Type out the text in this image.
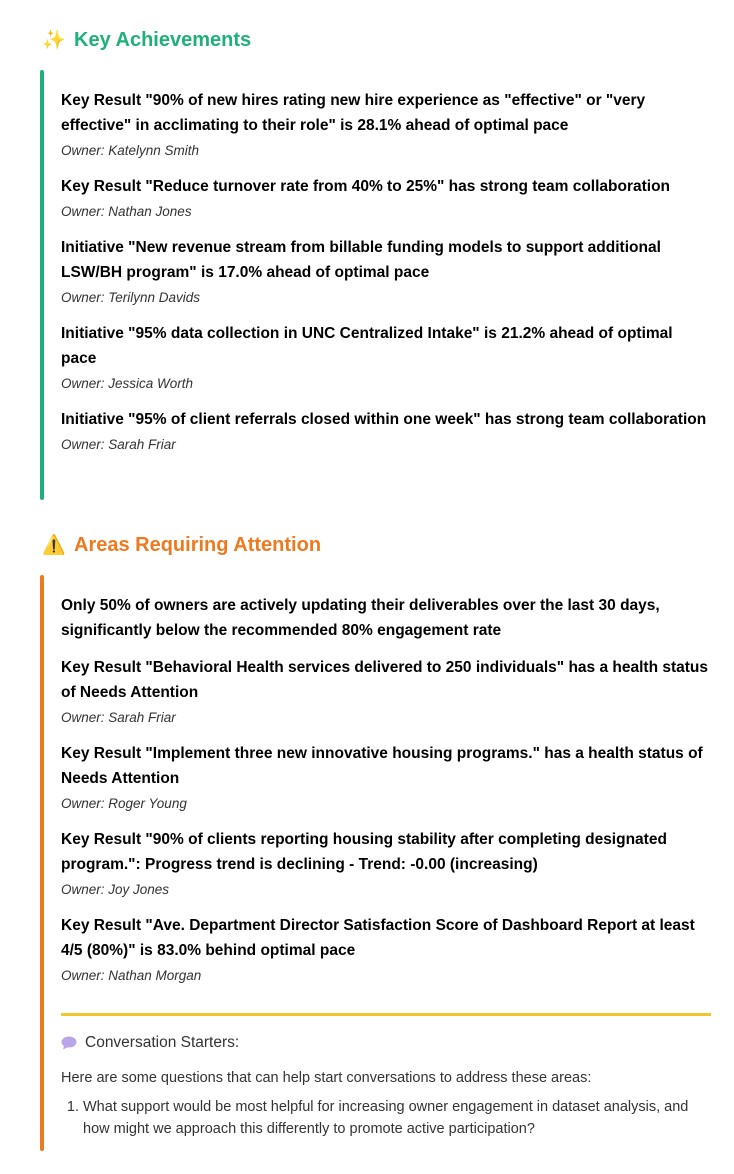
✨ Key Achievements
Key Result "90% of new hires rating new hire experience as "effective" or "very effective" in acclimating to their role" is 28.1% ahead of optimal pace
Owner: Katelynn Smith
Key Result "Reduce turnover rate from 40% to 25%" has strong team collaboration
Owner: Nathan Jones
Initiative "New revenue stream from billable funding models to support additional LSW/BH program" is 17.0% ahead of optimal pace
Owner: Terilynn Davids
Initiative "95% data collection in UNC Centralized Intake" is 21.2% ahead of optimal pace
Owner: Jessica Worth
Initiative "95% of client referrals closed within one week" has strong team collaboration
Owner: Sarah Friar
⚠️ Areas Requiring Attention
Only 50% of owners are actively updating their deliverables over the last 30 days, significantly below the recommended 80% engagement rate
Key Result "Behavioral Health services delivered to 250 individuals" has a health status of Needs Attention
Owner: Sarah Friar
Key Result "Implement three new innovative housing programs." has a health status of Needs Attention
Owner: Roger Young
Key Result "90% of clients reporting housing stability after completing designated program.": Progress trend is declining - Trend: -0.00 (increasing)
Owner: Joy Jones
Key Result "Ave. Department Director Satisfaction Score of Dashboard Report at least 4/5 (80%)" is 83.0% behind optimal pace
Owner: Nathan Morgan
Conversation Starters:
Here are some questions that can help start conversations to address these areas:
1. What support would be most helpful for increasing owner engagement in dataset analysis, and how might we approach this differently to promote active participation?
